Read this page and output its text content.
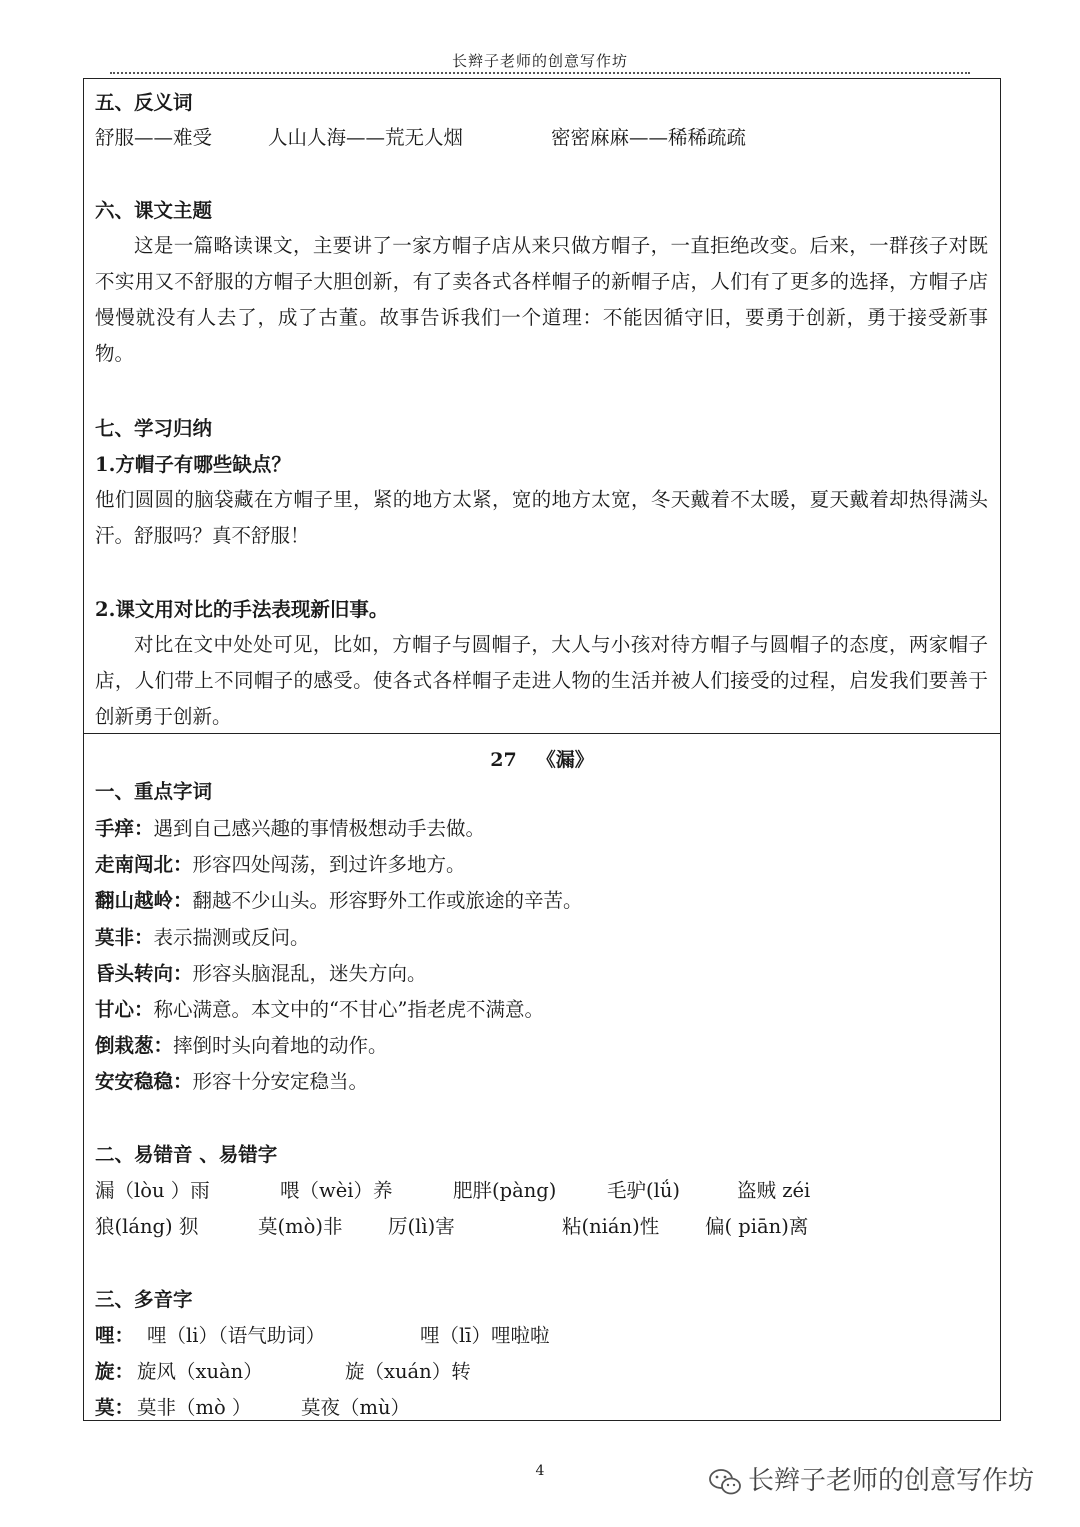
长辫子老师的创意写作坊
五、反义词
舒服——难受	人山人海——荒无人烟	密密麻麻——稀稀疏疏
六、课文主题

这是一篇略读课文，主要讲了一家方帽子店从来只做方帽子，一直拒绝改变。后来，一群孩子对既不实用又不舒服的方帽子大胆创新，有了卖各式各样帽子的新帽子店，人们有了更多的选择，方帽子店慢慢就没有人去了，成了古董。故事告诉我们一个道理：不能因循守旧，要勇于创新，勇于接受新事物。

七、学习归纳
1.方帽子有哪些缺点？

他们圆圆的脑袋藏在方帽子里，紧的地方太紧，宽的地方太宽，冬天戴着不太暖，夏天戴着却热得满头汗。舒服吗？真不舒服！

2.课文用对比的手法表现新旧事。

对比在文中处处可见，比如，方帽子与圆帽子，大人与小孩对待方帽子与圆帽子的态度，两家帽子店，人们带上不同帽子的感受。使各式各样帽子走进人物的生活并被人们接受的过程，启发我们要善于创新勇于创新。

27 《漏》
一、重点字词
手痒：遇到自己感兴趣的事情极想动手去做。
走南闯北：形容四处闯荡，到过许多地方。
翻山越岭：翻越不少山头。形容野外工作或旅途的辛苦。
莫非：表示揣测或反问。
昏头转向：形容头脑混乱，迷失方向。
甘心：称心满意。本文中的“不甘心”指老虎不满意。
倒栽葱：摔倒时头向着地的动作。
安安稳稳：形容十分安定稳当。
二、易错音 、易错字
漏（lòu ）雨	喂（wèi）养	肥胖(pàng)	毛驴(lǘ)	盗贼 zéi
狼(láng) 狈	莫(mò)非 厉(lì)害	粘(nián)性 偏( piān)离
三、多音字
哩： 哩（li）（语气助词）	哩（lī）哩啦啦
旋： 旋风（xuàn）	旋（xuán）转
莫： 莫非（mò ）	莫夜（mù）
4	长辫子老师的创意写作坊
